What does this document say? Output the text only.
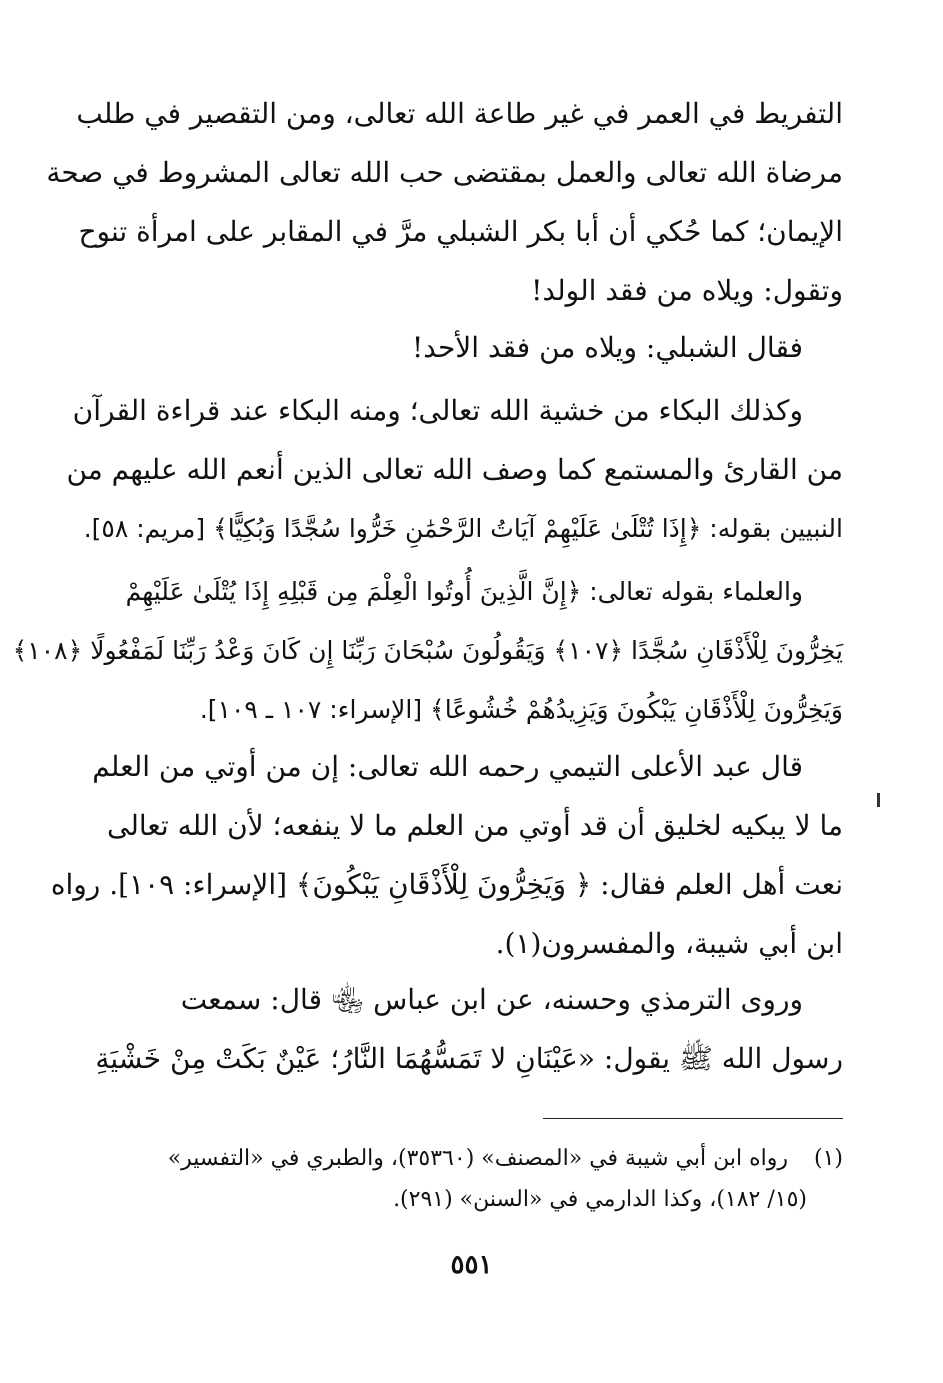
التفريط في العمر في غير طاعة الله تعالى، ومن التقصير في طلب
مرضاة الله تعالى والعمل بمقتضى حب الله تعالى المشروط في صحة
الإيمان؛ كما حُكي أن أبا بكر الشبلي مرَّ في المقابر على امرأة تنوح
وتقول: ويلاه من فقد الولد!
فقال الشبلي: ويلاه من فقد الأحد!
وكذلك البكاء من خشية الله تعالى؛ ومنه البكاء عند قراءة القرآن
من القارئ والمستمع كما وصف الله تعالى الذين أنعم الله عليهم من
النبيين بقوله: ﴿إِذَا تُتْلَىٰ عَلَيْهِمْ آيَاتُ الرَّحْمَٰنِ خَرُّوا سُجَّدًا وَبُكِيًّا﴾ [مريم: ٥٨].
والعلماء بقوله تعالى: ﴿إِنَّ الَّذِينَ أُوتُوا الْعِلْمَ مِن قَبْلِهِ إِذَا يُتْلَىٰ عَلَيْهِمْ
يَخِرُّونَ لِلْأَذْقَانِ سُجَّدًا ﴿١٠٧﴾ وَيَقُولُونَ سُبْحَانَ رَبِّنَا إِن كَانَ وَعْدُ رَبِّنَا لَمَفْعُولًا ﴿١٠٨﴾
وَيَخِرُّونَ لِلْأَذْقَانِ يَبْكُونَ وَيَزِيدُهُمْ خُشُوعًا﴾ [الإسراء: ١٠٧ ـ ١٠٩].
قال عبد الأعلى التيمي رحمه الله تعالى: إن من أوتي من العلم
ما لا يبكيه لخليق أن قد أوتي من العلم ما لا ينفعه؛ لأن الله تعالى
نعت أهل العلم فقال: ﴿ وَيَخِرُّونَ لِلْأَذْقَانِ يَبْكُونَ﴾ [الإسراء: ١٠٩]. رواه
ابن أبي شيبة، والمفسرون(١).
وروى الترمذي وحسنه، عن ابن عباس ﵄ قال: سمعت
رسول الله ﷺ يقول: «عَيْنَانِ لا تَمَسُّهُمَا النَّارُ؛ عَيْنٌ بَكَتْ مِنْ خَشْيَةِ
(١)رواه ابن أبي شيبة في «المصنف» (٣٥٣٦٠)، والطبري في «التفسير»
(١٥/ ١٨٢)، وكذا الدارمي في «السنن» (٢٩١).
٥٥١
